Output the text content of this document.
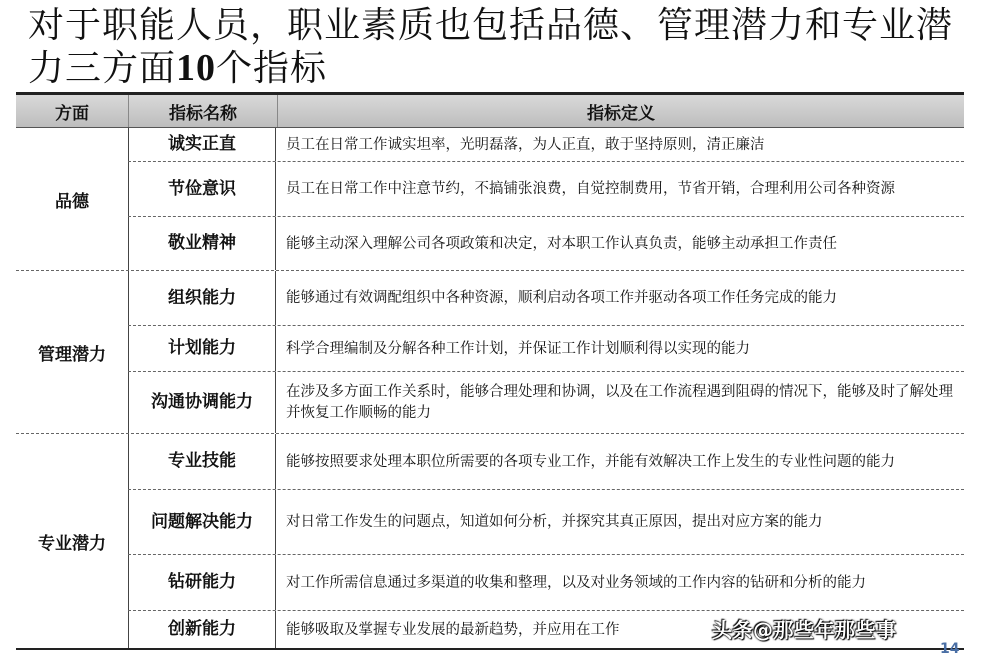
对于职能人员，职业素质也包括品德、管理潜力和专业潜力三方面10个指标
方面	指标名称	指标定义
品德
诚实正直	员工在日常工作诚实坦率，光明磊落，为人正直，敢于坚持原则，清正廉洁
节俭意识	员工在日常工作中注意节约，不搞铺张浪费，自觉控制费用，节省开销，合理利用公司各种资源
敬业精神	能够主动深入理解公司各项政策和决定，对本职工作认真负责，能够主动承担工作责任
管理潜力
组织能力	能够通过有效调配组织中各种资源，顺利启动各项工作并驱动各项工作任务完成的能力
计划能力	科学合理编制及分解各种工作计划，并保证工作计划顺利得以实现的能力
沟通协调能力	在涉及多方面工作关系时，能够合理处理和协调，以及在工作流程遇到阻碍的情况下，能够及时了解处理并恢复工作顺畅的能力
专业潜力
专业技能	能够按照要求处理本职位所需要的各项专业工作，并能有效解决工作上发生的专业性问题的能力
问题解决能力	对日常工作发生的问题点，知道如何分析，并探究其真正原因，提出对应方案的能力
钻研能力	对工作所需信息通过多渠道的收集和整理，以及对业务领域的工作内容的钻研和分析的能力
创新能力	能够吸取及掌握专业发展的最新趋势，并应用在工作	头条@那些年那些事
14
